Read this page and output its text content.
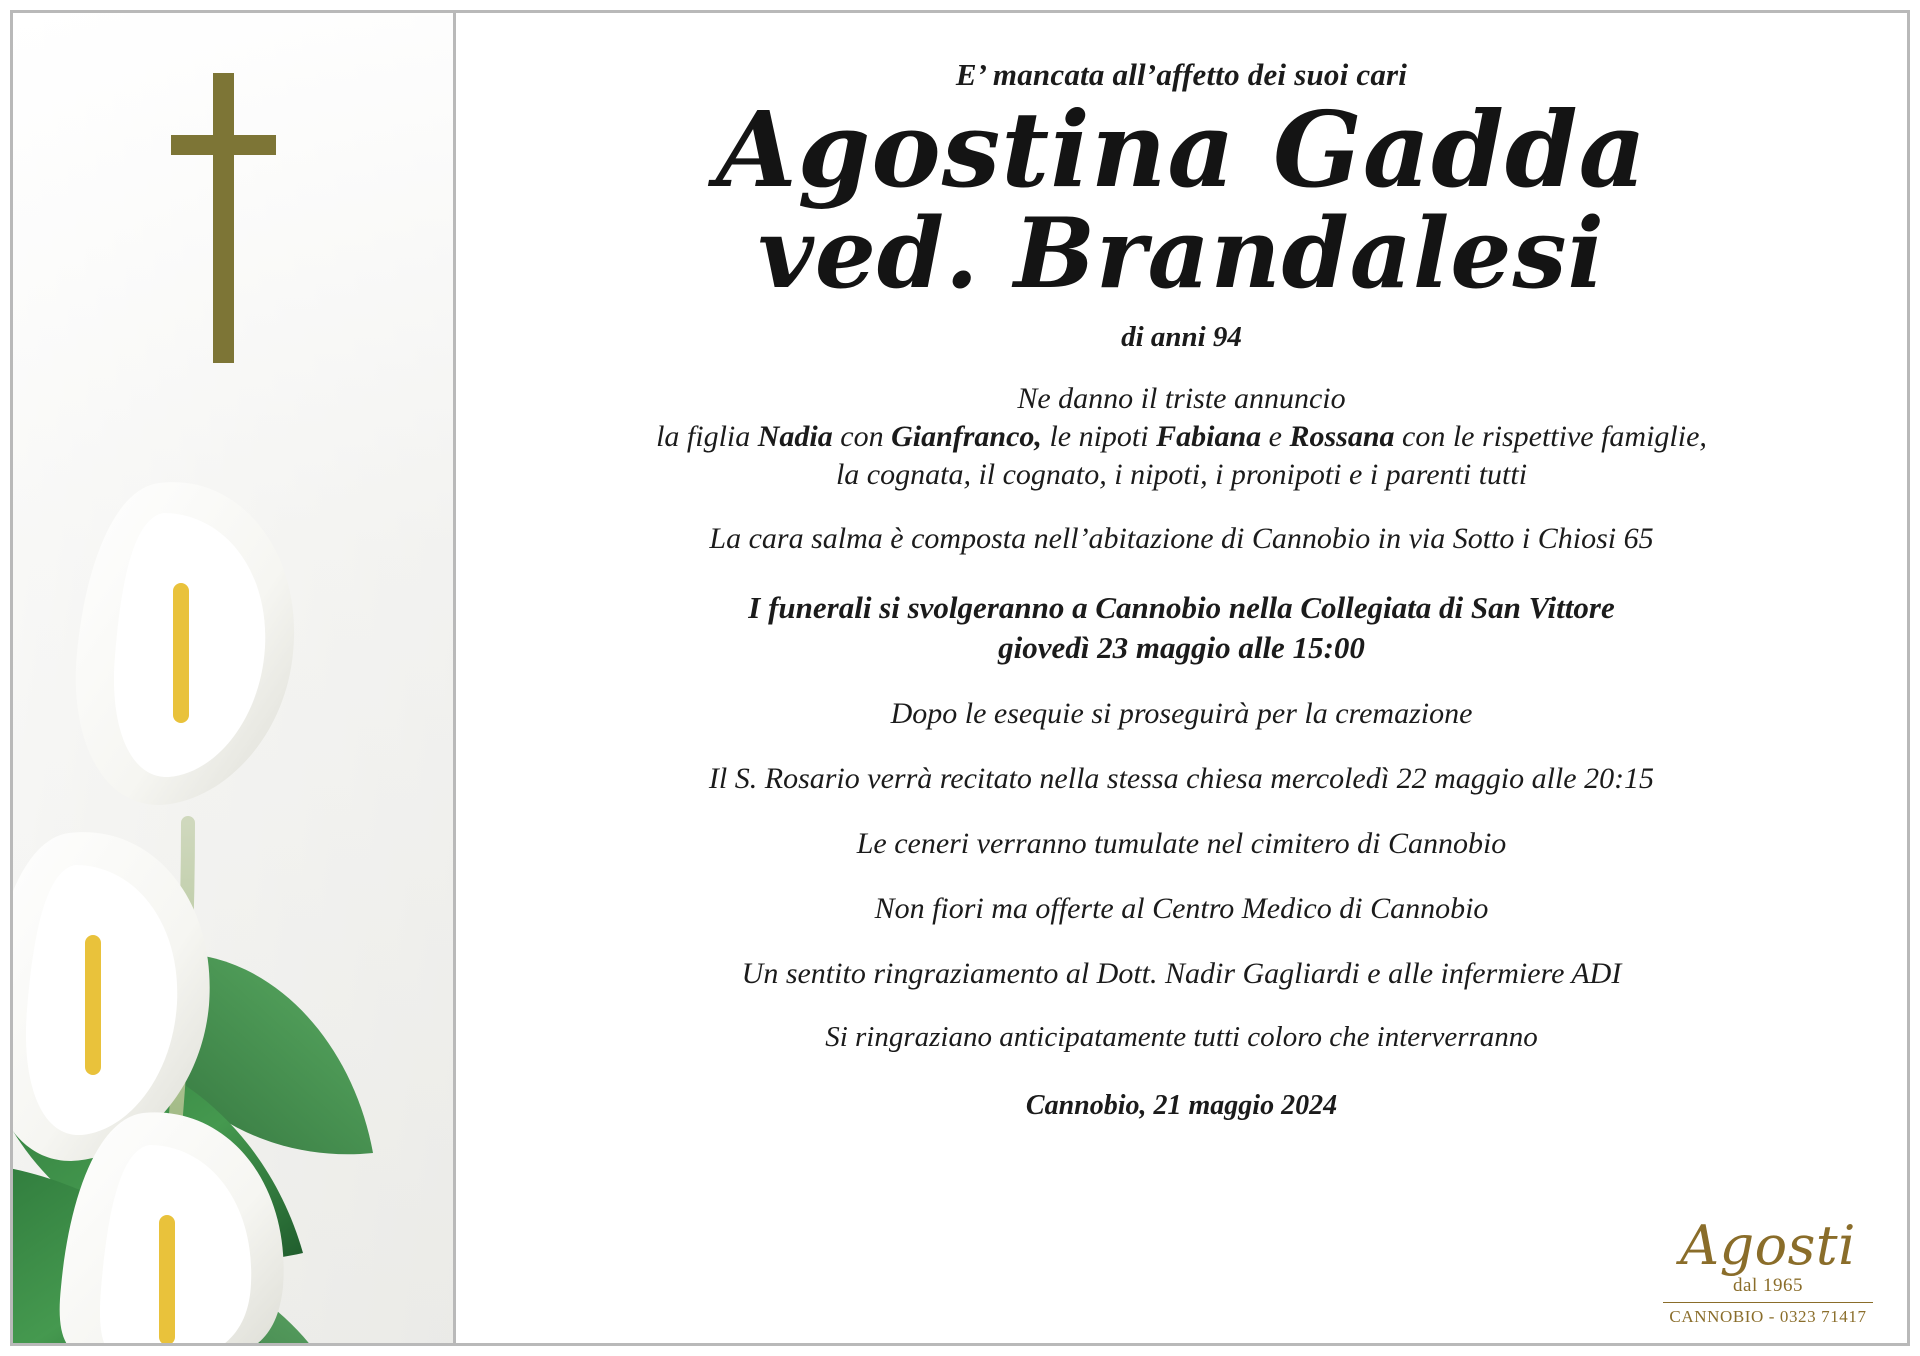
E’ mancata all’affetto dei suoi cari
Agostina Gadda
ved. Brandalesi
di anni 94
Ne danno il triste annuncio
la figlia Nadia con Gianfranco, le nipoti Fabiana e Rossana con le rispettive famiglie,
la cognata, il cognato, i nipoti, i pronipoti e i parenti tutti
La cara salma è composta nell’abitazione di Cannobio in via Sotto i Chiosi 65
I funerali si svolgeranno a Cannobio nella Collegiata di San Vittore
giovedì 23 maggio alle 15:00
Dopo le esequie si proseguirà per la cremazione
Il S. Rosario verrà recitato nella stessa chiesa mercoledì 22 maggio alle 20:15
Le ceneri verranno tumulate nel cimitero di Cannobio
Non fiori ma offerte al Centro Medico di Cannobio
Un sentito ringraziamento al Dott. Nadir Gagliardi e alle infermiere ADI
Si ringraziano anticipatamente tutti coloro che interverranno
Cannobio, 21 maggio 2024
Agosti
dal 1965
CANNOBIO - 0323 71417
